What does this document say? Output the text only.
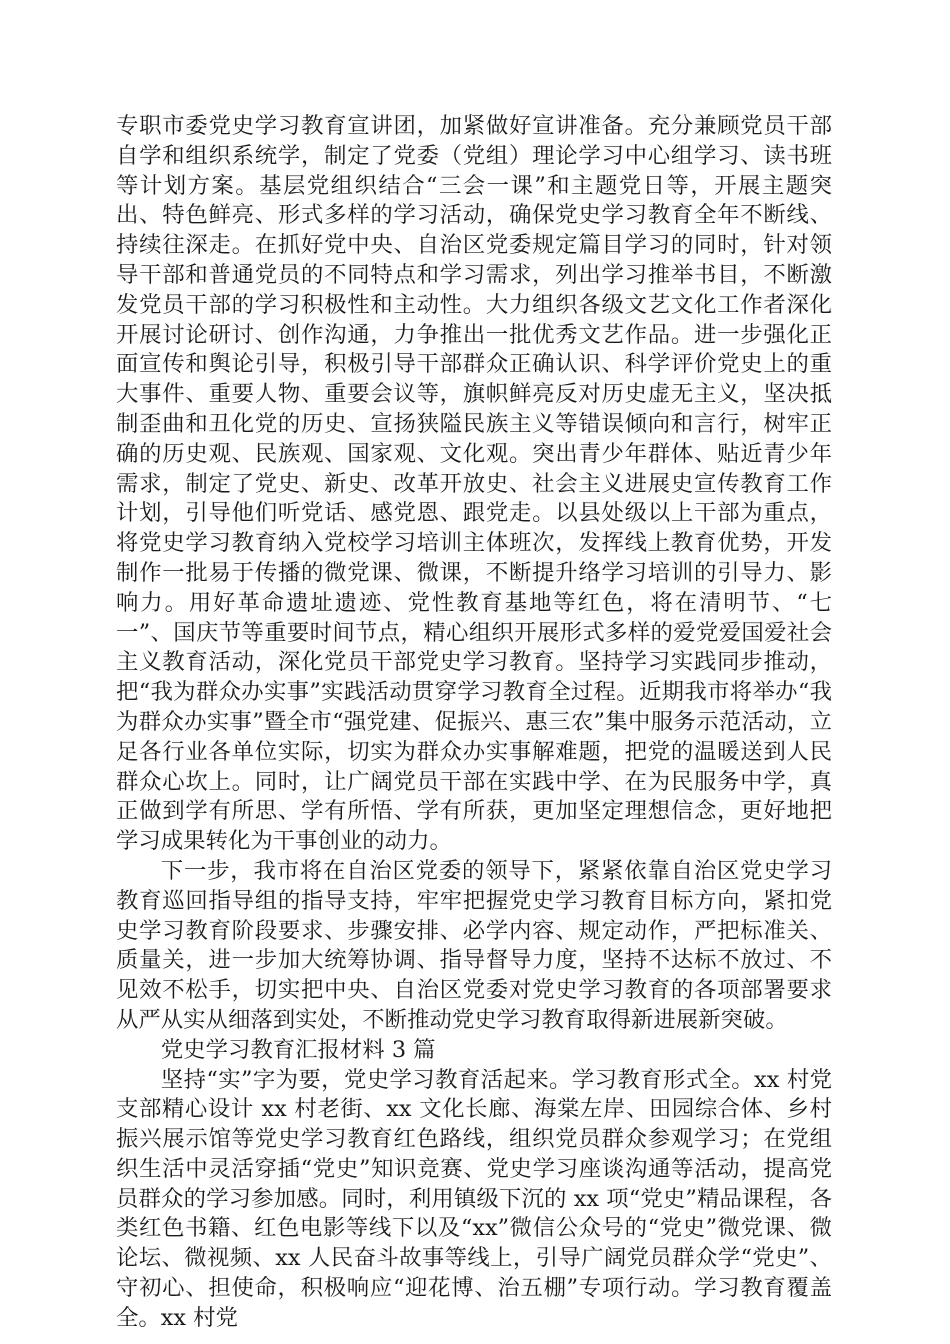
专职市委党史学习教育宣讲团，加紧做好宣讲准备。充分兼顾党员干部自学和组织系统学，制定了党委（党组）理论学习中心组学习、读书班等计划方案。基层党组织结合“三会一课”和主题党日等，开展主题突出、特色鲜亮、形式多样的学习活动，确保党史学习教育全年不断线、持续往深走。在抓好党中央、自治区党委规定篇目学习的同时，针对领导干部和普通党员的不同特点和学习需求，列出学习推举书目，不断激发党员干部的学习积极性和主动性。大力组织各级文艺文化工作者深化开展讨论研讨、创作沟通，力争推出一批优秀文艺作品。进一步强化正面宣传和舆论引导，积极引导干部群众正确认识、科学评价党史上的重大事件、重要人物、重要会议等，旗帜鲜亮反对历史虚无主义，坚决抵制歪曲和丑化党的历史、宣扬狭隘民族主义等错误倾向和言行，树牢正确的历史观、民族观、国家观、文化观。突出青少年群体、贴近青少年需求，制定了党史、新史、改革开放史、社会主义进展史宣传教育工作计划，引导他们听党话、感党恩、跟党走。以县处级以上干部为重点，将党史学习教育纳入党校学习培训主体班次，发挥线上教育优势，开发制作一批易于传播的微党课、微课，不断提升络学习培训的引导力、影响力。用好革命遗址遗迹、党性教育基地等红色，将在清明节、“七一”、国庆节等重要时间节点，精心组织开展形式多样的爱党爱国爱社会主义教育活动，深化党员干部党史学习教育。坚持学习实践同步推动，把“我为群众办实事”实践活动贯穿学习教育全过程。近期我市将举办“我为群众办实事”暨全市“强党建、促振兴、惠三农”集中服务示范活动，立足各行业各单位实际，切实为群众办实事解难题，把党的温暖送到人民群众心坎上。同时，让广阔党员干部在实践中学、在为民服务中学，真正做到学有所思、学有所悟、学有所获，更加坚定理想信念，更好地把学习成果转化为干事创业的动力。

下一步，我市将在自治区党委的领导下，紧紧依靠自治区党史学习教育巡回指导组的指导支持，牢牢把握党史学习教育目标方向，紧扣党史学习教育阶段要求、步骤安排、必学内容、规定动作，严把标准关、质量关，进一步加大统筹协调、指导督导力度，坚持不达标不放过、不见效不松手，切实把中央、自治区党委对党史学习教育的各项部署要求从严从实从细落到实处，不断推动党史学习教育取得新进展新突破。

党史学习教育汇报材料 3 篇

坚持“实”字为要，党史学习教育活起来。学习教育形式全。xx 村党支部精心设计 xx 村老街、xx 文化长廊、海棠左岸、田园综合体、乡村振兴展示馆等党史学习教育红色路线，组织党员群众参观学习；在党组织生活中灵活穿插“党史”知识竞赛、党史学习座谈沟通等活动，提高党员群众的学习参加感。同时，利用镇级下沉的 xx 项“党史”精品课程，各类红色书籍、红色电影等线下以及“xx”微信公众号的“党史”微党课、微论坛、微视频、xx 人民奋斗故事等线上，引导广阔党员群众学“党史”、守初心、担使命，积极响应“迎花博、治五棚”专项行动。学习教育覆盖全。xx 村党
